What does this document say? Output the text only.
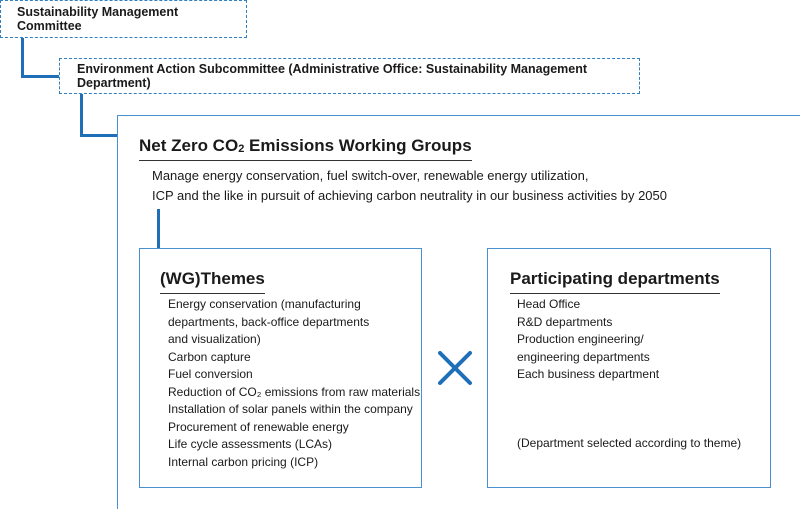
Sustainability Management Committee
Environment Action Subcommittee (Administrative Office: Sustainability Management Department)
Net Zero $CO_2$ Emissions Working Groups
Manage energy conservation, fuel switch-over, renewable energy utilization,
ICP and the like in pursuit of achieving carbon neutrality in our business activities by 2050
(WG)Themes
Energy conservation (manufacturing
departments, back-office departments
and visualization)
Carbon capture
Fuel conversion
Reduction of CO₂ emissions from raw materials
Installation of solar panels within the company
Procurement of renewable energy
Life cycle assessments (LCAs)
Internal carbon pricing (ICP)
Participating departments
Head Office
R&D departments
Production engineering/
engineering departments
Each business department
(Department selected according to theme)
